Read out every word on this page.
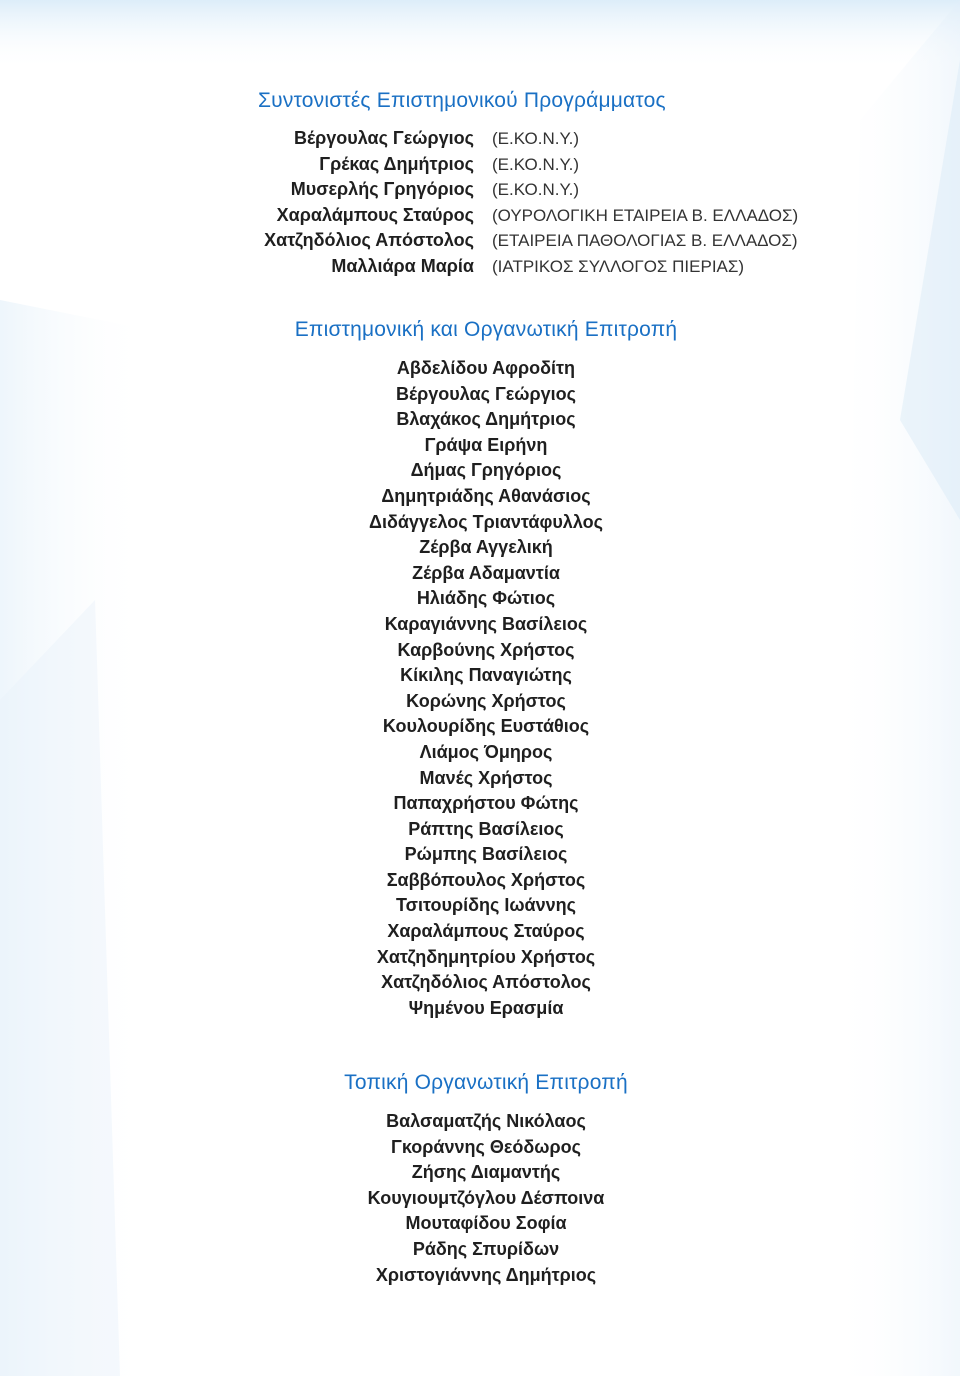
Συντονιστές Επιστημονικού Προγράμματος
Βέργουλας Γεώργιος	(Ε.ΚΟ.Ν.Υ.)
Γρέκας Δημήτριος	(Ε.ΚΟ.Ν.Υ.)
Μυσερλής Γρηγόριος	(Ε.ΚΟ.Ν.Υ.)
Χαραλάμπους Σταύρος	(ΟΥΡΟΛΟΓΙΚΗ ΕΤΑΙΡΕΙΑ Β. ΕΛΛΑΔΟΣ)
Χατζηδόλιος Απόστολος	(ΕΤΑΙΡΕΙΑ ΠΑΘΟΛΟΓΙΑΣ Β. ΕΛΛΑΔΟΣ)
Μαλλιάρα Μαρία	(ΙΑΤΡΙΚΟΣ ΣΥΛΛΟΓΟΣ ΠΙΕΡΙΑΣ)
Επιστημονική και Οργανωτική Επιτροπή
Αβδελίδου Αφροδίτη
Βέργουλας Γεώργιος
Βλαχάκος Δημήτριος
Γράψα Ειρήνη
Δήμας Γρηγόριος
Δημητριάδης Αθανάσιος
Διδάγγελος Τριαντάφυλλος
Ζέρβα Αγγελική
Ζέρβα Αδαμαντία
Ηλιάδης Φώτιος
Καραγιάννης Βασίλειος
Καρβούνης Χρήστος
Κίκιλης Παναγιώτης
Κορώνης Χρήστος
Κουλουρίδης Ευστάθιος
Λιάμος Όμηρος
Μανές Χρήστος
Παπαχρήστου Φώτης
Ράπτης Βασίλειος
Ρώμπης Βασίλειος
Σαββόπουλος Χρήστος
Τσιτουρίδης Ιωάννης
Χαραλάμπους Σταύρος
Χατζηδημητρίου Χρήστος
Χατζηδόλιος Απόστολος
Ψημένου Ερασμία
Τοπική Οργανωτική Επιτροπή
Βαλσαματζής Νικόλαος
Γκοράννης Θεόδωρος
Ζήσης Διαμαντής
Κουγιουμτζόγλου Δέσποινα
Μουταφίδου Σοφία
Ράδης Σπυρίδων
Χριστογιάννης Δημήτριος
